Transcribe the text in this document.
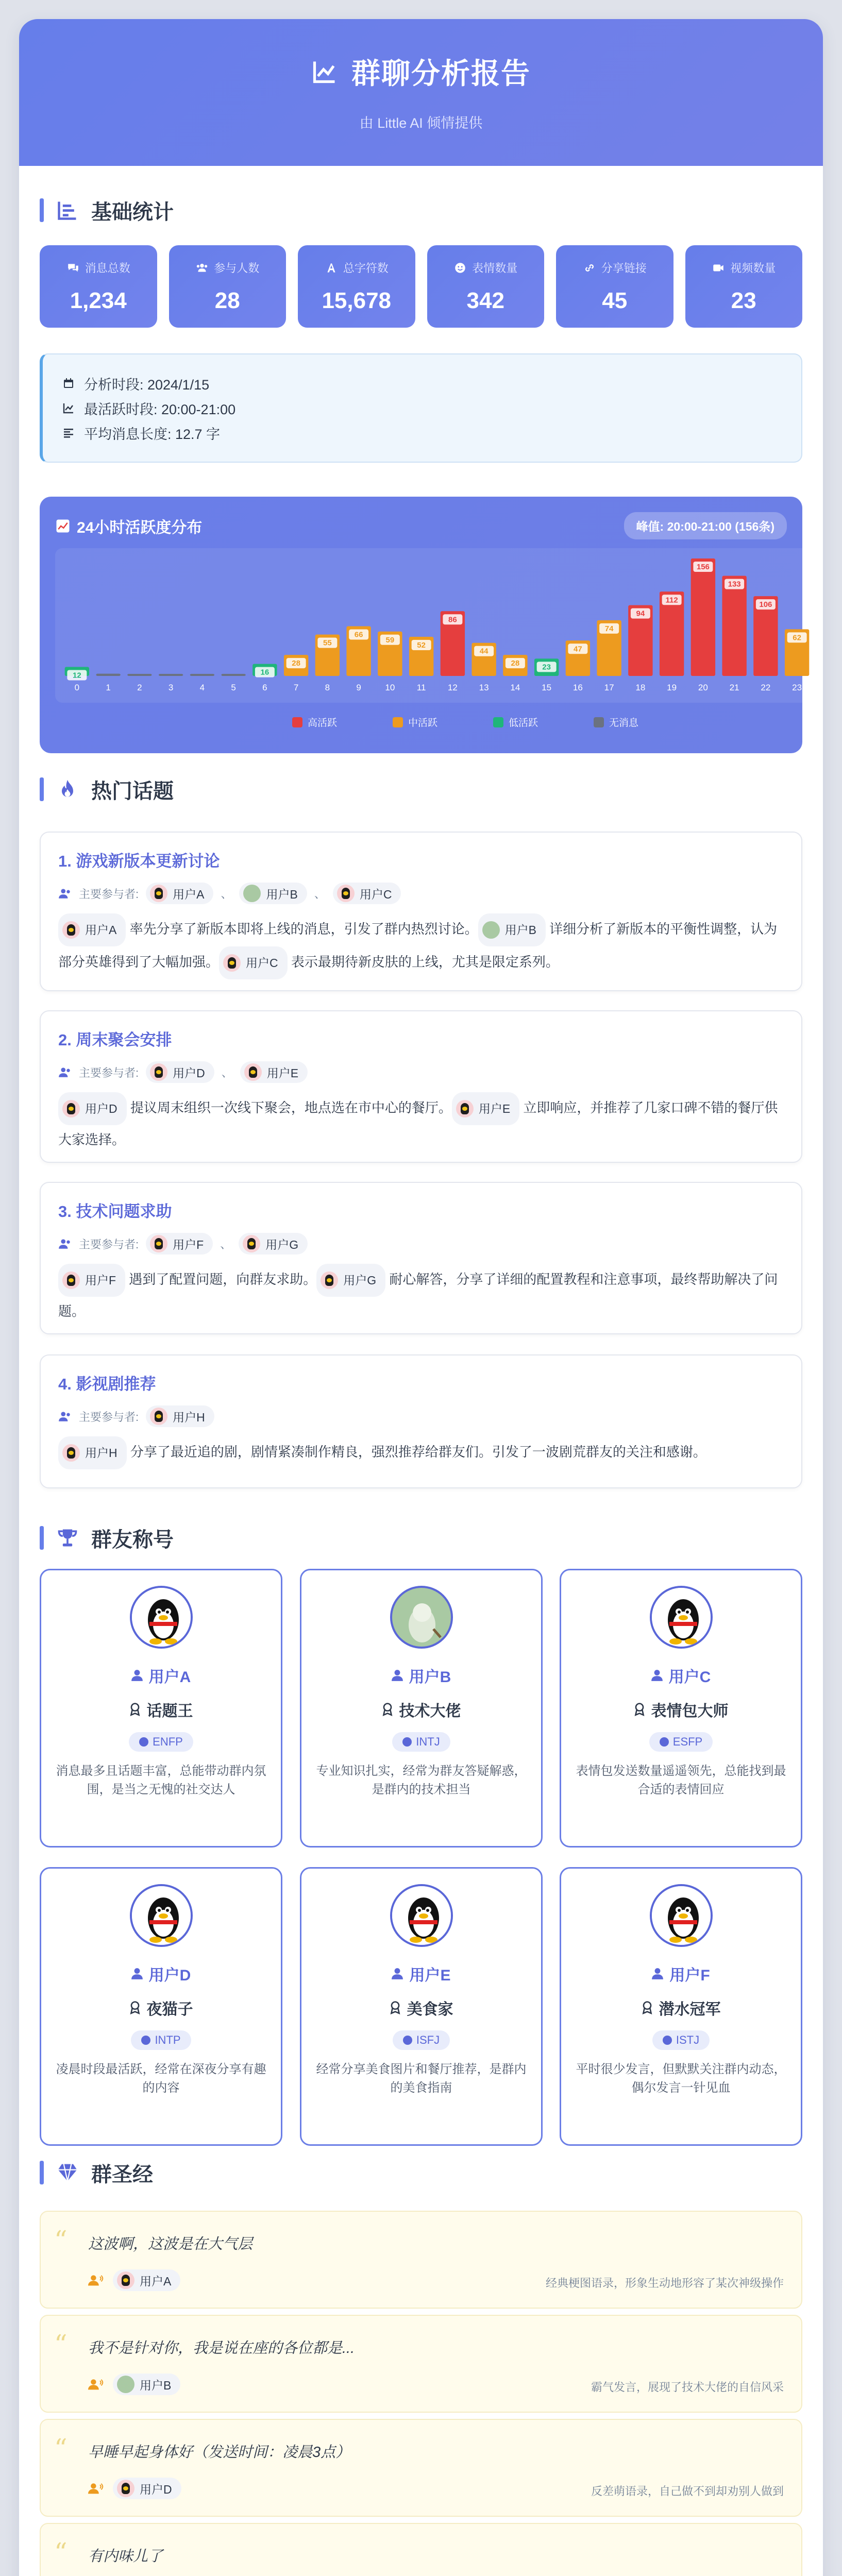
群聊分析报告
由 Little AI 倾情提供
基础统计
消息总数
1,234
参与人数
28
总字符数
15,678
表情数量
342
分享链接
45
视频数量
23
分析时段: 2024/1/15
最活跃时段: 20:00-21:00
平均消息长度: 12.7 字
24小时活跃度分布	峰值: 20:00-21:00 (156条)
12
0	1	2	3	4	5
16
6
28
7
55
8
66
9
59
10
52
11
86
12
44
13
28
14
23
15
47
16
74
17
94
18
112
19
156
20
133
21
106
22
62
23
高活跃	中活跃	低活跃	无消息
热门话题
1. 游戏新版本更新讨论
主要参与者:	用户A 、	用户B 、	用户C
用户A 率先分享了新版本即将上线的消息，引发了群内热烈讨论。 用户B 详细分析了新版本的平衡性调整，认为部分英雄得到了大幅加强。 用户C 表示最期待新皮肤的上线，尤其是限定系列。
2. 周末聚会安排
主要参与者:	用户D 、	用户E
用户D 提议周末组织一次线下聚会，地点选在市中心的餐厅。 用户E 立即响应，并推荐了几家口碑不错的餐厅供大家选择。
3. 技术问题求助
主要参与者:	用户F 、	用户G
用户F 遇到了配置问题，向群友求助。 用户G 耐心解答，分享了详细的配置教程和注意事项，最终帮助解决了问题。
4. 影视剧推荐
主要参与者:	用户H
用户H 分享了最近追的剧，剧情紧凑制作精良，强烈推荐给群友们。引发了一波剧荒群友的关注和感谢。
群友称号
用户A
话题王
ENFP
消息最多且话题丰富，总能带动群内氛围，是当之无愧的社交达人
用户B
技术大佬
INTJ
专业知识扎实，经常为群友答疑解惑，是群内的技术担当
用户C
表情包大师
ESFP
表情包发送数量遥遥领先，总能找到最合适的表情回应
用户D
夜猫子
INTP
凌晨时段最活跃，经常在深夜分享有趣的内容
用户E
美食家
ISFJ
经常分享美食图片和餐厅推荐，是群内的美食指南
用户F
潜水冠军
ISTJ
平时很少发言，但默默关注群内动态，偶尔发言一针见血
群圣经
“ 这波啊，这波是在大气层
用户A	经典梗图语录，形象生动地形容了某次神级操作
“ 我不是针对你，我是说在座的各位都是...
用户B	霸气发言，展现了技术大佬的自信风采
“ 早睡早起身体好（发送时间：凌晨3点）
用户D	反差萌语录，自己做不到却劝别人做到
“ 有内味儿了
